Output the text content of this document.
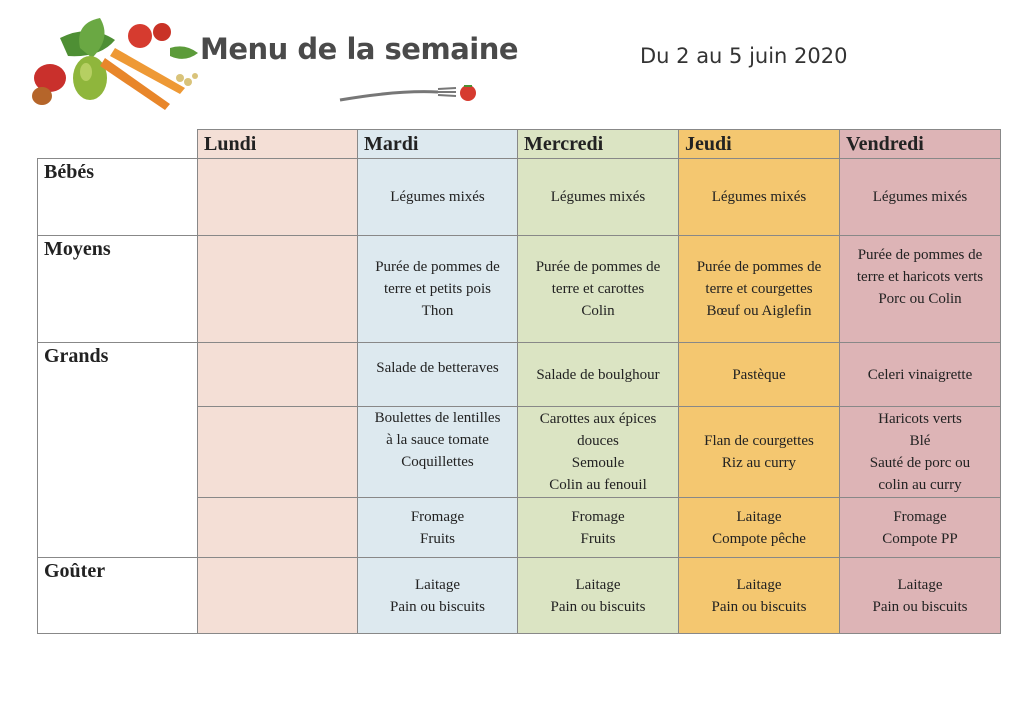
Menu de la semaine	Du 2 au 5 juin 2020
	Lundi	Mardi	Mercredi	Jeudi	Vendredi
Bébés		Légumes mixés	Légumes mixés	Légumes mixés	Légumes mixés
Moyens		Purée de pommes de
terre et petits pois
Thon	Purée de pommes de
terre et carottes
Colin	Purée de pommes de
terre et courgettes
Bœuf ou Aiglefin	Purée de pommes de
terre et haricots verts
Porc ou Colin

Grands		Salade de betteraves	Salade de boulghour	Pastèque	Celeri vinaigrette

		Boulettes de lentilles
à la sauce tomate
Coquillettes	Carottes aux épices
douces
Semoule
Colin au fenouil	Flan de courgettes
Riz au curry	Haricots verts
Blé
Sauté de porc ou
colin au curry

		Fromage
Fruits	Fromage
Fruits	Laitage
Compote pêche	Fromage
Compote PP

Goûter		Laitage
Pain ou biscuits	Laitage
Pain ou biscuits	Laitage
Pain ou biscuits	Laitage
Pain ou biscuits
